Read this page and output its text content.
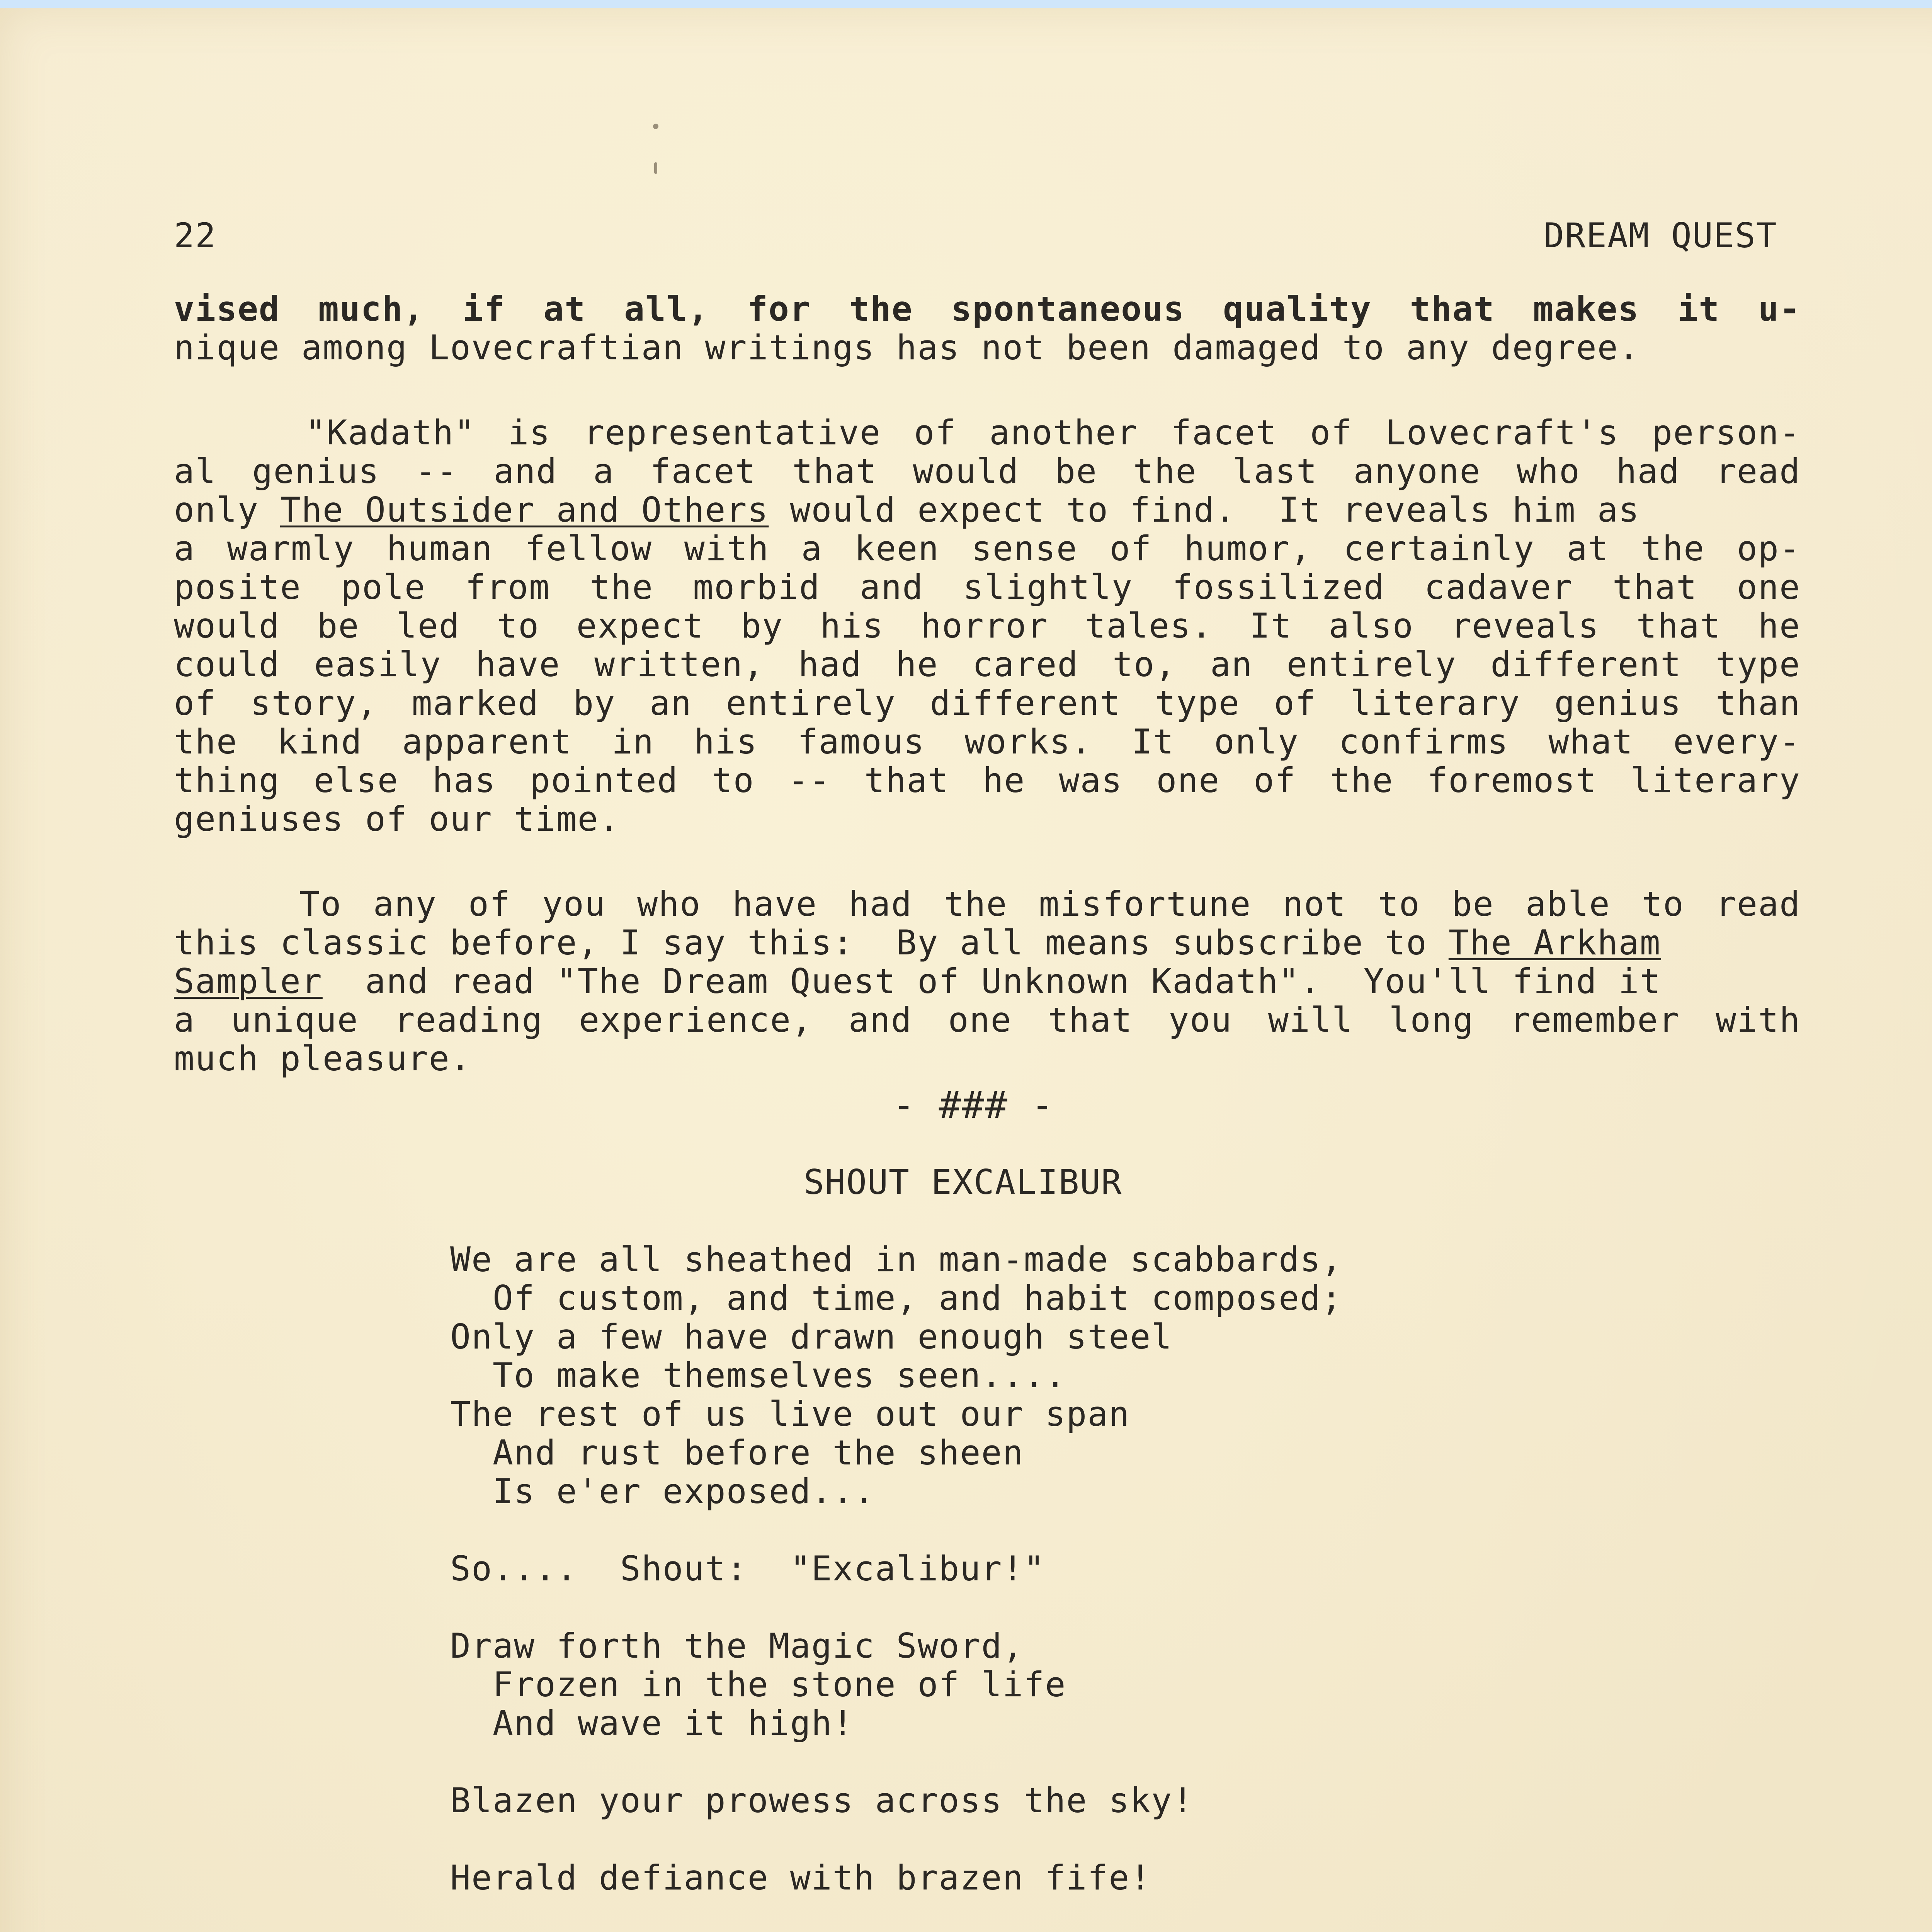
22	DREAM QUEST
vised much, if at all, for the spontaneous quality that makes it u-
nique among Lovecraftian writings has not been damaged to any degree.
"Kadath" is representative of another facet of Lovecraft's person-
al genius -- and a facet that would be the last anyone who had read
only The Outsider and Others would expect to find.  It reveals him as
a warmly human fellow with a keen sense of humor, certainly at the op-
posite pole from the morbid and slightly fossilized cadaver that one
would be led to expect by his horror tales. It also reveals that he
could easily have written, had he cared to, an entirely different type
of story, marked by an entirely different type of literary genius than
the kind apparent in his famous works. It only confirms what every-
thing else has pointed to -- that he was one of the foremost literary
geniuses of our time.
To any of you who have had the misfortune not to be able to read
this classic before, I say this:  By all means subscribe to The Arkham
Sampler  and read "The Dream Quest of Unknown Kadath".  You'll find it
a unique reading experience, and one that you will long remember with
much pleasure.
- ### -
SHOUT EXCALIBUR
We are all sheathed in man-made scabbards,
Of custom, and time, and habit composed;
Only a few have drawn enough steel
To make themselves seen....
The rest of us live out our span
And rust before the sheen
Is e'er exposed...
So....  Shout:  "Excalibur!"
Draw forth the Magic Sword,
Frozen in the stone of life
And wave it high!
Blazen your prowess across the sky!
Herald defiance with brazen fife!
